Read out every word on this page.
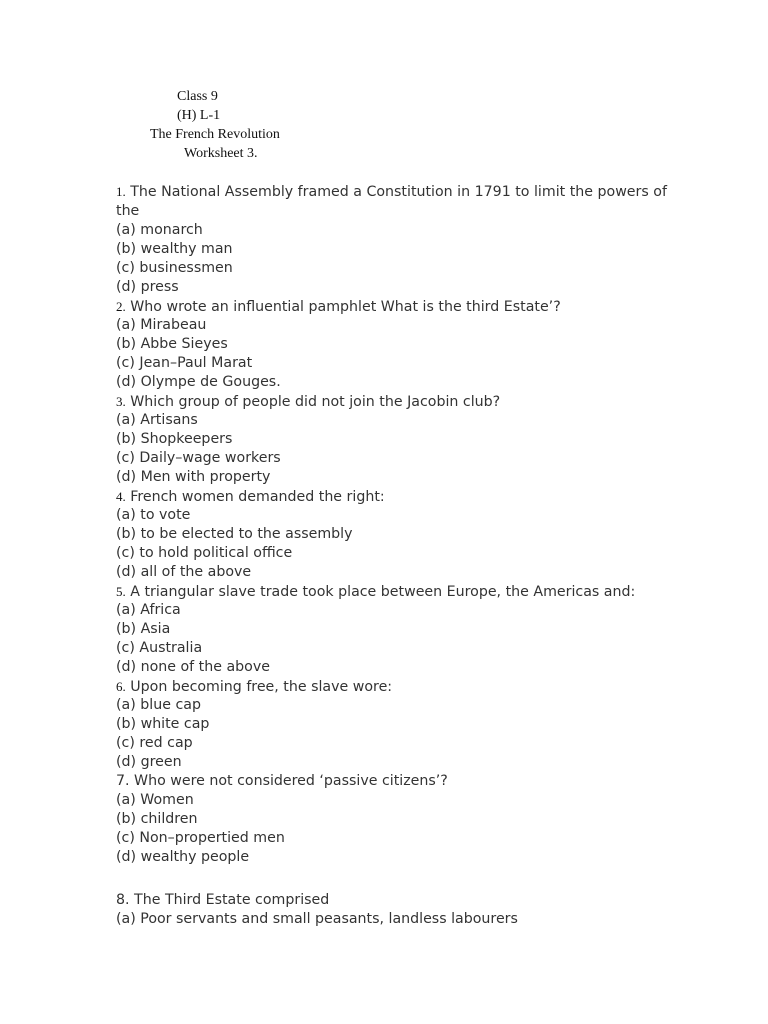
Class 9
(H) L-1
The French Revolution
Worksheet 3.
1. The National Assembly framed a Constitution in 1791 to limit the powers of the
(a) monarch
(b) wealthy man
(c) businessmen
(d) press
2. Who wrote an influential pamphlet What is the third Estate’?
(a) Mirabeau
(b) Abbe Sieyes
(c) Jean–Paul Marat
(d) Olympe de Gouges.
3. Which group of people did not join the Jacobin club?
(a) Artisans
(b) Shopkeepers
(c) Daily–wage workers
(d) Men with property
4. French women demanded the right:
(a) to vote
(b) to be elected to the assembly
(c) to hold political office
(d) all of the above
5. A triangular slave trade took place between Europe, the Americas and:
(a) Africa
(b) Asia
(c) Australia
(d) none of the above
6. Upon becoming free, the slave wore:
(a) blue cap
(b) white cap
(c) red cap
(d) green
7. Who were not considered ‘passive citizens’?
(a) Women
(b) children
(c) Non–propertied men
(d) wealthy people
8. The Third Estate comprised
(a) Poor servants and small peasants, landless labourers
